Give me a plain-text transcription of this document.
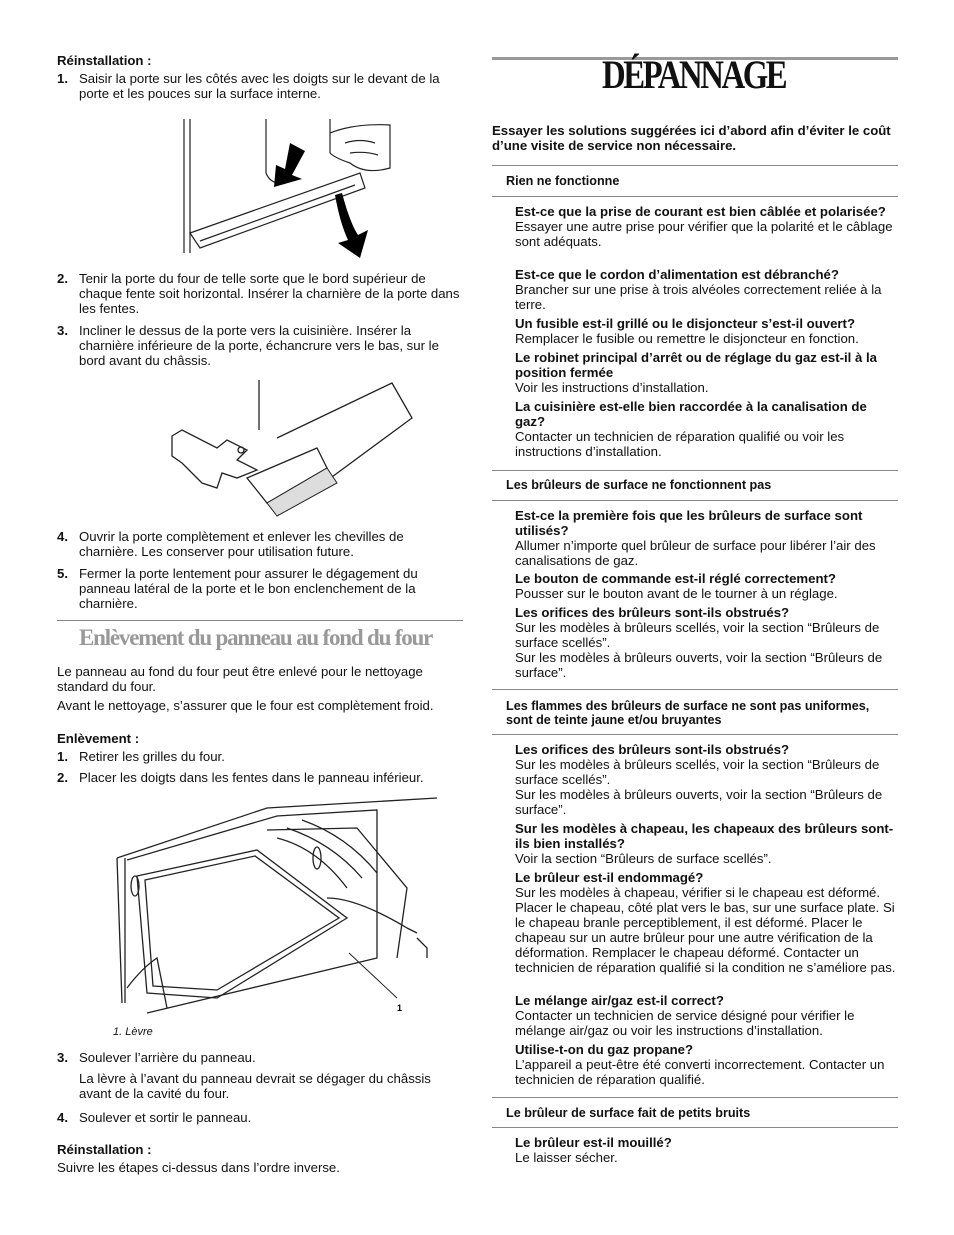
Réinstallation :
1. Saisir la porte sur les côtés avec les doigts sur le devant de la porte et les pouces sur la surface interne.
2. Tenir la porte du four de telle sorte que le bord supérieur de chaque fente soit horizontal. Insérer la charnière de la porte dans les fentes.
3. Incliner le dessus de la porte vers la cuisinière. Insérer la charnière inférieure de la porte, échancrure vers le bas, sur le bord avant du châssis.
4. Ouvrir la porte complètement et enlever les chevilles de charnière. Les conserver pour utilisation future.
5. Fermer la porte lentement pour assurer le dégagement du panneau latéral de la porte et le bon enclenchement de la charnière.
Enlèvement du panneau au fond du four
Le panneau au fond du four peut être enlevé pour le nettoyage standard du four.
Avant le nettoyage, s’assurer que le four est complètement froid.
Enlèvement :
1. Retirer les grilles du four.
2. Placer les doigts dans les fentes dans le panneau inférieur.
1
1. Lèvre
3. Soulever l’arrière du panneau.
La lèvre à l’avant du panneau devrait se dégager du châssis avant de la cavité du four.
4. Soulever et sortir le panneau.
Réinstallation :
Suivre les étapes ci-dessus dans l’ordre inverse.
DÉPANNAGE
Essayer les solutions suggérées ici d’abord afin d’éviter le coût d’une visite de service non nécessaire.
Rien ne fonctionne
Est-ce que la prise de courant est bien câblée et polarisée?
Essayer une autre prise pour vérifier que la polarité et le câblage sont adéquats.
Est-ce que le cordon d’alimentation est débranché?
Brancher sur une prise à trois alvéoles correctement reliée à la terre.
Un fusible est-il grillé ou le disjoncteur s’est-il ouvert?
Remplacer le fusible ou remettre le disjoncteur en fonction.
Le robinet principal d’arrêt ou de réglage du gaz est-il à la position fermée
Voir les instructions d’installation.
La cuisinière est-elle bien raccordée à la canalisation de gaz?
Contacter un technicien de réparation qualifié ou voir les instructions d’installation.
Les brûleurs de surface ne fonctionnent pas
Est-ce la première fois que les brûleurs de surface sont utilisés?
Allumer n’importe quel brûleur de surface pour libérer l’air des canalisations de gaz.
Le bouton de commande est-il réglé correctement?
Pousser sur le bouton avant de le tourner à un réglage.
Les orifices des brûleurs sont-ils obstrués?
Sur les modèles à brûleurs scellés, voir la section “Brûleurs de surface scellés”.
Sur les modèles à brûleurs ouverts, voir la section “Brûleurs de surface”.
Les flammes des brûleurs de surface ne sont pas uniformes, sont de teinte jaune et/ou bruyantes
Les orifices des brûleurs sont-ils obstrués?
Sur les modèles à brûleurs scellés, voir la section “Brûleurs de surface scellés”.
Sur les modèles à brûleurs ouverts, voir la section “Brûleurs de surface”.
Sur les modèles à chapeau, les chapeaux des brûleurs sont-ils bien installés?
Voir la section “Brûleurs de surface scellés”.
Le brûleur est-il endommagé?
Sur les modèles à chapeau, vérifier si le chapeau est déformé. Placer le chapeau, côté plat vers le bas, sur une surface plate. Si le chapeau branle perceptiblement, il est déformé. Placer le chapeau sur un autre brûleur pour une autre vérification de la déformation. Remplacer le chapeau déformé. Contacter un technicien de réparation qualifié si la condition ne s’améliore pas.
Le mélange air/gaz est-il correct?
Contacter un technicien de service désigné pour vérifier le mélange air/gaz ou voir les instructions d’installation.
Utilise-t-on du gaz propane?
L’appareil a peut-être été converti incorrectement. Contacter un technicien de réparation qualifié.
Le brûleur de surface fait de petits bruits
Le brûleur est-il mouillé?
Le laisser sécher.
